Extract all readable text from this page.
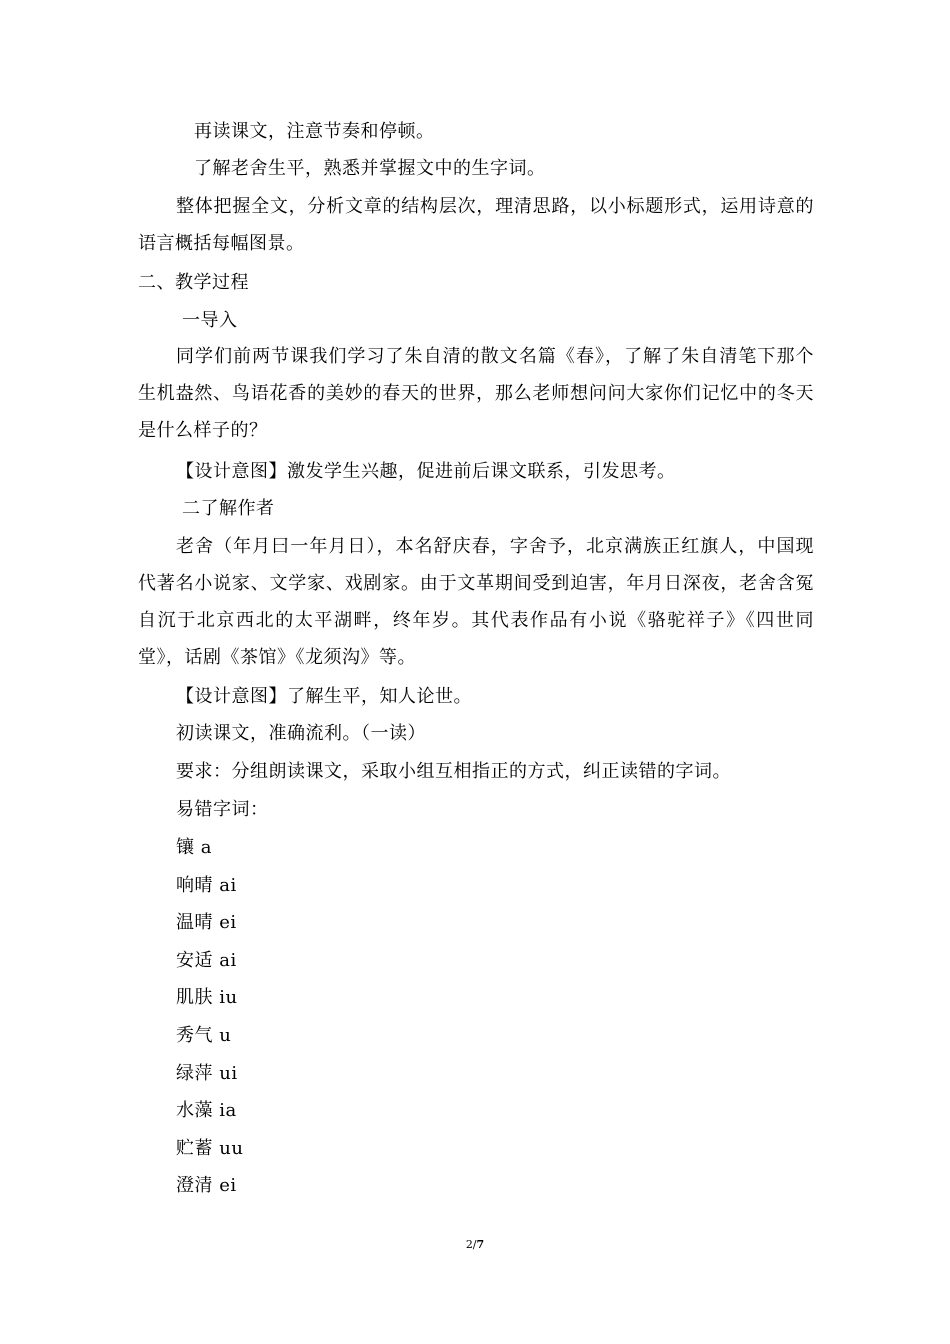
再读课文，注意节奏和停顿。
了解老舍生平，熟悉并掌握文中的生字词。
整体把握全文，分析文章的结构层次，理清思路，以小标题形式，运用诗意的语言概括每幅图景。
二、教学过程
一导入
同学们前两节课我们学习了朱自清的散文名篇《春》，了解了朱自清笔下那个生机盎然、鸟语花香的美妙的春天的世界，那么老师想问问大家你们记忆中的冬天是什么样子的？
【设计意图】激发学生兴趣，促进前后课文联系，引发思考。
二了解作者
老舍（年月曰一年月日），本名舒庆春，字舍予，北京满族正红旗人，中国现代著名小说家、文学家、戏剧家。由于文革期间受到迫害，年月日深夜，老舍含冤自沉于北京西北的太平湖畔，终年岁。其代表作品有小说《骆驼祥子》《四世同堂》，话剧《茶馆》《龙须沟》等。
【设计意图】了解生平，知人论世。
初读课文，准确流利。（一读）
要求：分组朗读课文，采取小组互相指正的方式，纠正读错的字词。
易错字词：
镶 a
响晴 ai
温晴 ei
安适 ai
肌肤 iu
秀气 u
绿萍 ui
水藻 ia
贮蓄 uu
澄清 ei
2/7
